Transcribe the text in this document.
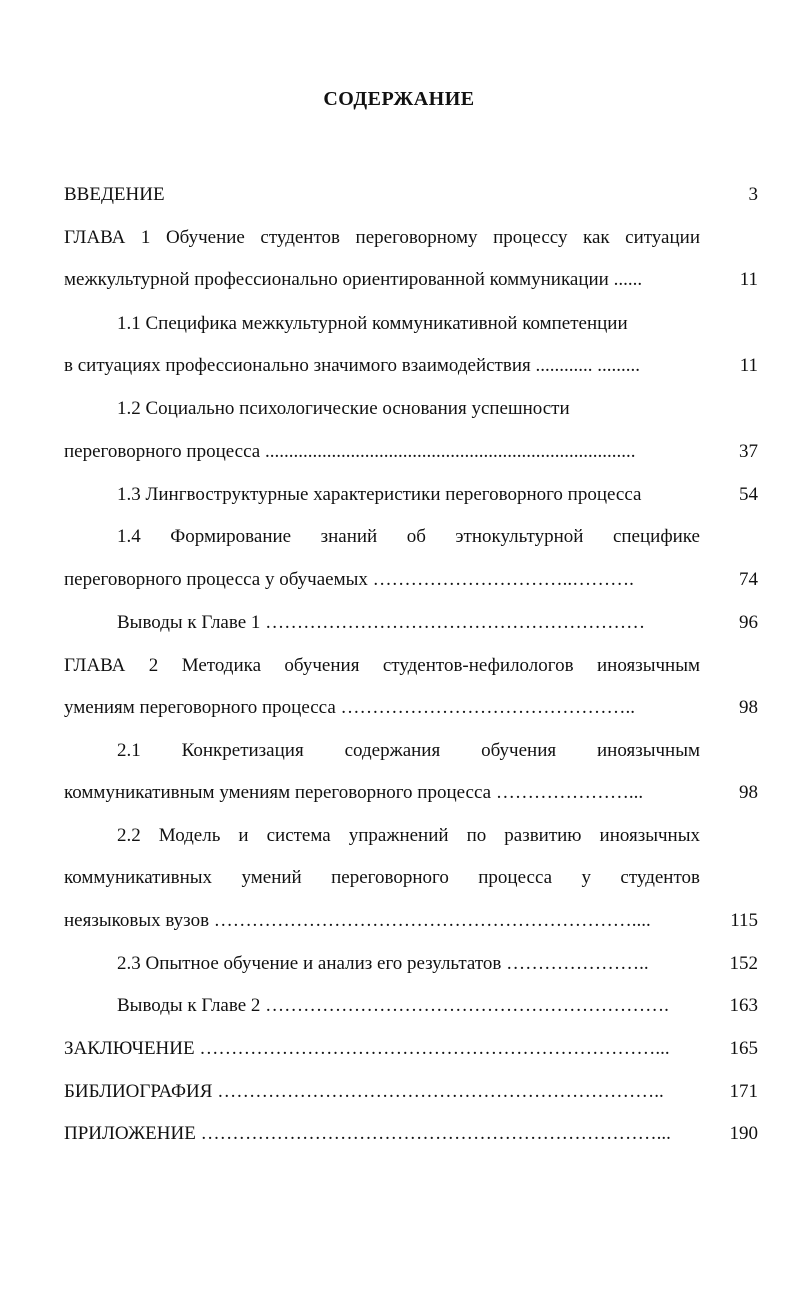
СОДЕРЖАНИЕ
ВВЕДЕНИЕ	3
ГЛАВА 1 Обучение студентов переговорному процессу как ситуации
межкультурной профессионально ориентированной коммуникации ......	11
1.1 Специфика межкультурной коммуникативной компетенции
в ситуациях профессионально значимого взаимодействия ............ .........	11
1.2 Социально психологические основания успешности
переговорного процесса ..............................................................................	37
1.3 Лингвоструктурные характеристики переговорного процесса	54
1.4 Формирование знаний об этнокультурной специфике
переговорного процесса у обучаемых …………………………..……….	74
Выводы к Главе 1 ……………………………………………………	96
ГЛАВА 2 Методика обучения студентов-нефилологов иноязычным
умениям переговорного процесса ………………………………………..	98
2.1 Конкретизация содержания обучения иноязычным
коммуникативным умениям переговорного процесса …………………...	98
2.2 Модель и система упражнений по развитию иноязычных
коммуникативных умений переговорного процесса у студентов
неязыковых вузов …………………………………………………………....	115
2.3 Опытное обучение и анализ его результатов …………………..	152
Выводы к Главе 2 ……………………………………………………….	163
ЗАКЛЮЧЕНИЕ ………………………………………………………………...	165
БИБЛИОГРАФИЯ ……………………………………………………………..	171
ПРИЛОЖЕНИЕ ………………………………………………………………...	190
